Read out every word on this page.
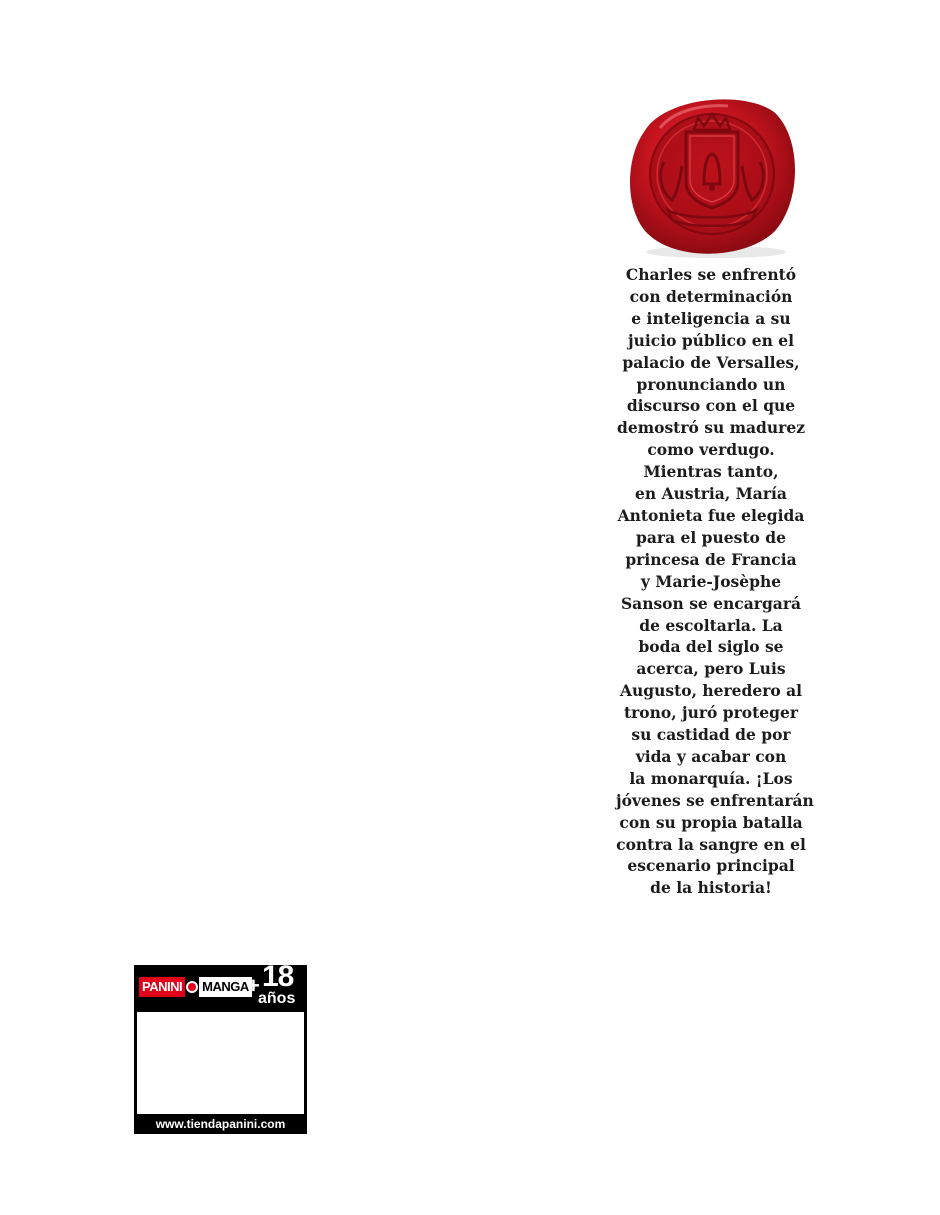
Charles se enfrentó
con determinación
e inteligencia a su
juicio público en el
palacio de Versalles,
pronunciando un
discurso con el que
demostró su madurez
como verdugo.
Mientras tanto,
en Austria, María
Antonieta fue elegida
para el puesto de
princesa de Francia
y Marie-Josèphe
Sanson se encargará
de escoltarla. La
boda del siglo se
acerca, pero Luis
Augusto, heredero al
trono, juró proteger
su castidad de por
vida y acabar con
la monarquía. ¡Los
jóvenes se enfrentarán
con su propia batalla
contra la sangre en el
escenario principal
de la historia!
PANINI MANGA
+ 18
años
www.tiendapanini.com
